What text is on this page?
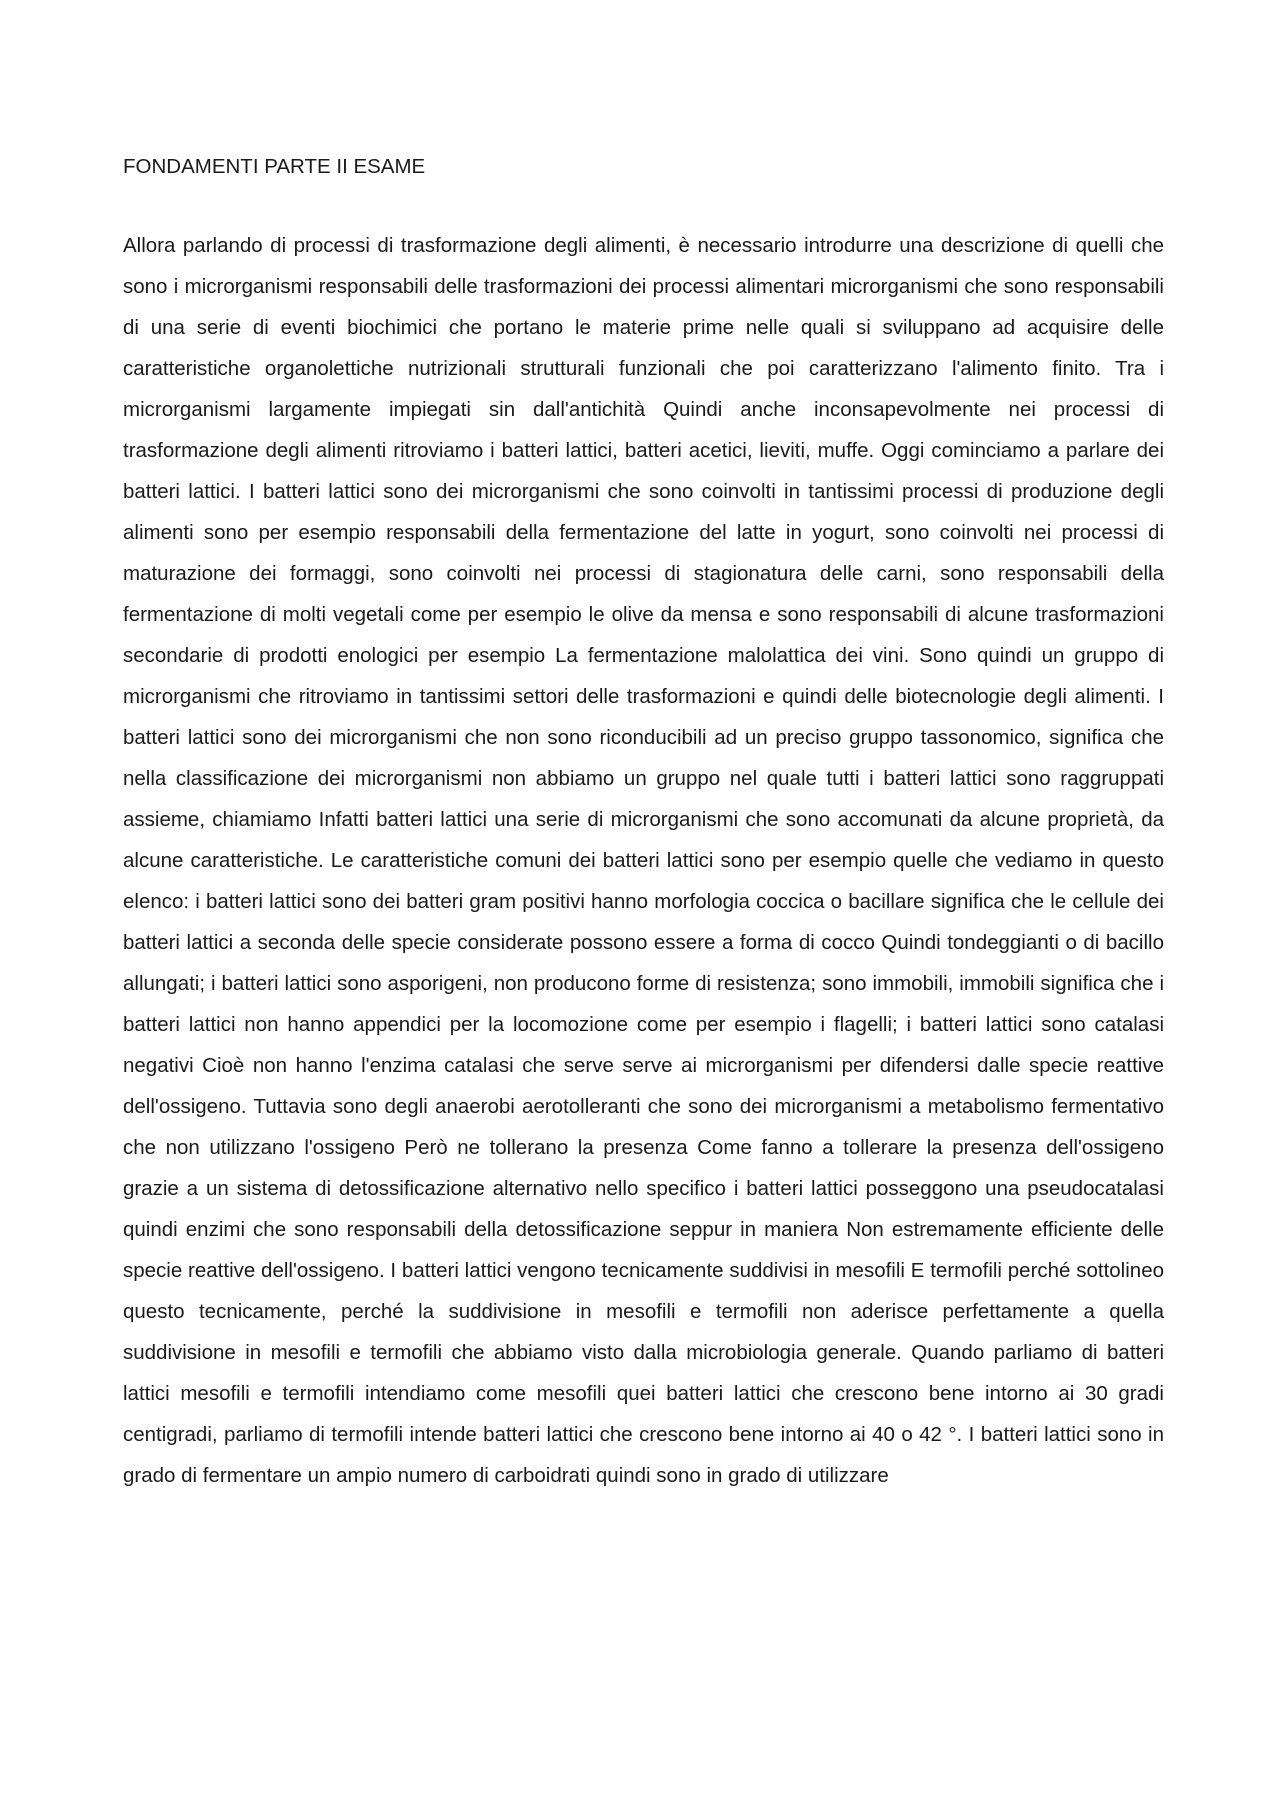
FONDAMENTI PARTE II ESAME

Allora parlando di processi di trasformazione degli alimenti, è necessario introdurre una descrizione di quelli che sono i microrganismi responsabili delle trasformazioni dei processi alimentari microrganismi che sono responsabili di una serie di eventi biochimici che portano le materie prime nelle quali si sviluppano ad acquisire delle caratteristiche organolettiche nutrizionali strutturali funzionali che poi caratterizzano l'alimento finito. Tra i microrganismi largamente impiegati sin dall'antichità Quindi anche inconsapevolmente nei processi di trasformazione degli alimenti ritroviamo i batteri lattici, batteri acetici, lieviti, muffe. Oggi cominciamo a parlare dei batteri lattici. I batteri lattici sono dei microrganismi che sono coinvolti in tantissimi processi di produzione degli alimenti sono per esempio responsabili della fermentazione del latte in yogurt, sono coinvolti nei processi di maturazione dei formaggi, sono coinvolti nei processi di stagionatura delle carni, sono responsabili della fermentazione di molti vegetali come per esempio le olive da mensa e sono responsabili di alcune trasformazioni secondarie di prodotti enologici per esempio La fermentazione malolattica dei vini. Sono quindi un gruppo di microrganismi che ritroviamo in tantissimi settori delle trasformazioni e quindi delle biotecnologie degli alimenti. I batteri lattici sono dei microrganismi che non sono riconducibili ad un preciso gruppo tassonomico, significa che nella classificazione dei microrganismi non abbiamo un gruppo nel quale tutti i batteri lattici sono raggruppati assieme, chiamiamo Infatti batteri lattici una serie di microrganismi che sono accomunati da alcune proprietà, da alcune caratteristiche. Le caratteristiche comuni dei batteri lattici sono per esempio quelle che vediamo in questo elenco: i batteri lattici sono dei batteri gram positivi hanno morfologia coccica o bacillare significa che le cellule dei batteri lattici a seconda delle specie considerate possono essere a forma di cocco Quindi tondeggianti o di bacillo allungati; i batteri lattici sono asporigeni, non producono forme di resistenza; sono immobili, immobili significa che i batteri lattici non hanno appendici per la locomozione come per esempio i flagelli; i batteri lattici sono catalasi negativi Cioè non hanno l'enzima catalasi che serve serve ai microrganismi per difendersi dalle specie reattive dell'ossigeno. Tuttavia sono degli anaerobi aerotolleranti che sono dei microrganismi a metabolismo fermentativo che non utilizzano l'ossigeno Però ne tollerano la presenza Come fanno a tollerare la presenza dell'ossigeno grazie a un sistema di detossificazione alternativo nello specifico i batteri lattici posseggono una pseudocatalasi quindi enzimi che sono responsabili della detossificazione seppur in maniera Non estremamente efficiente delle specie reattive dell'ossigeno. I batteri lattici vengono tecnicamente suddivisi in mesofili E termofili perché sottolineo questo tecnicamente, perché la suddivisione in mesofili e termofili non aderisce perfettamente a quella suddivisione in mesofili e termofili che abbiamo visto dalla microbiologia generale. Quando parliamo di batteri lattici mesofili e termofili intendiamo come mesofili quei batteri lattici che crescono bene intorno ai 30 gradi centigradi, parliamo di termofili intende batteri lattici che crescono bene intorno ai 40 o 42 °. I batteri lattici sono in grado di fermentare un ampio numero di carboidrati quindi sono in grado di utilizzare
